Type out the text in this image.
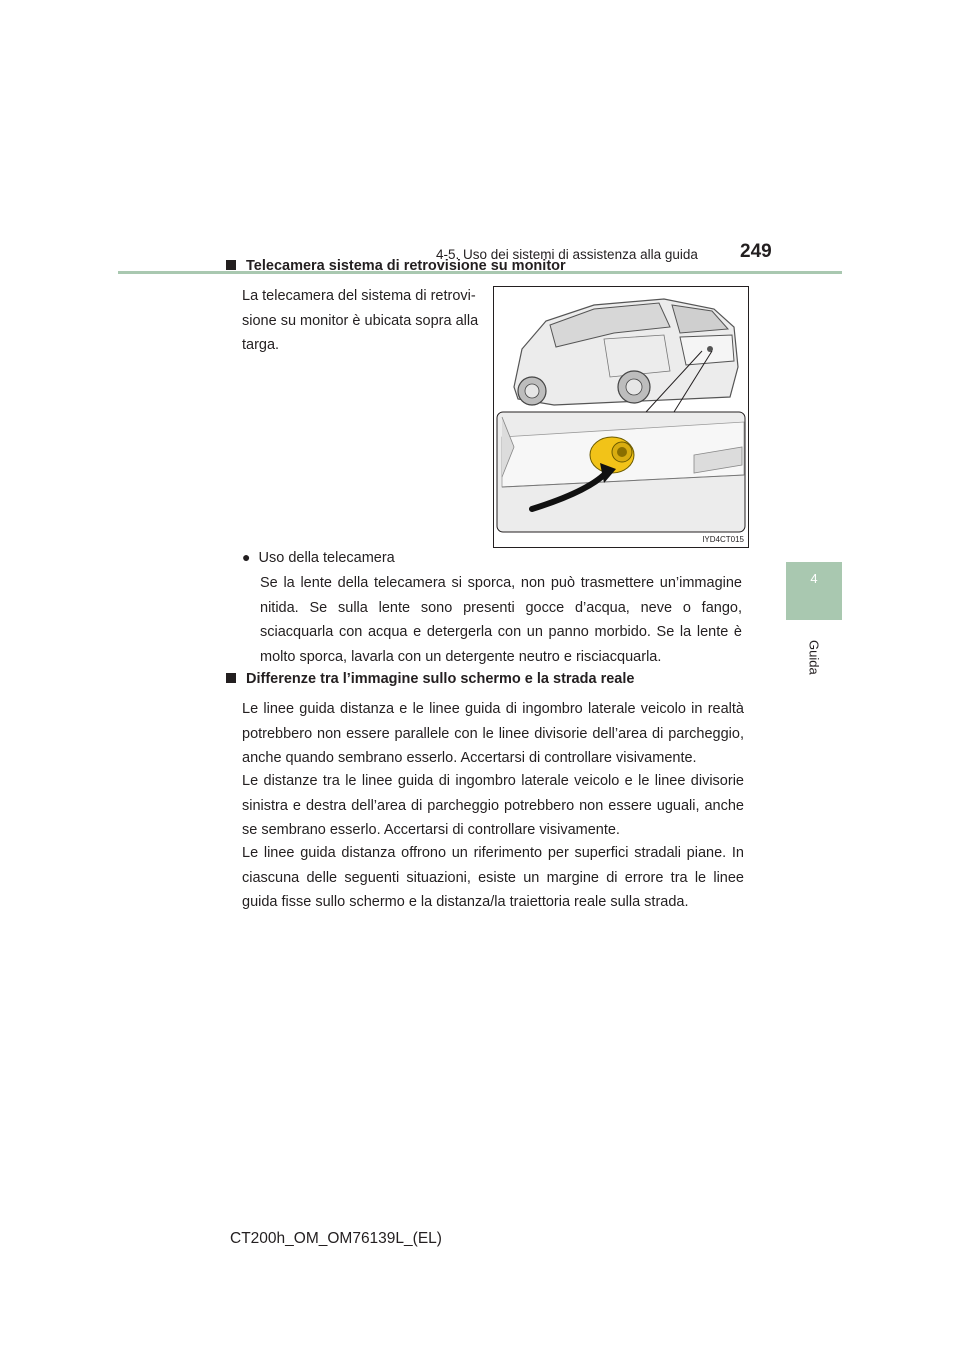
4-5. Uso dei sistemi di assistenza alla guida 249
4
Guida
Telecamera sistema di retrovisione su monitor
La telecamera del sistema di retrovi-
sione su monitor è ubicata sopra alla
targa.
IYD4CT015
● Uso della telecamera
Se la lente della telecamera si sporca, non può trasmettere un’immagine nitida. Se sulla lente sono presenti gocce d’acqua, neve o fango, sciacquarla con acqua e detergerla con un panno morbido. Se la lente è molto sporca, lavarla con un detergente neutro e risciacquarla.
Differenze tra l’immagine sullo schermo e la strada reale
Le linee guida distanza e le linee guida di ingombro laterale veicolo in realtà potrebbero non essere parallele con le linee divisorie dell’area di parcheggio, anche quando sembrano esserlo. Accertarsi di controllare visivamente.
Le distanze tra le linee guida di ingombro laterale veicolo e le linee divisorie sinistra e destra dell’area di parcheggio potrebbero non essere uguali, anche se sembrano esserlo. Accertarsi di controllare visivamente.
Le linee guida distanza offrono un riferimento per superfici stradali piane. In ciascuna delle seguenti situazioni, esiste un margine di errore tra le linee guida fisse sullo schermo e la distanza/la traiettoria reale sulla strada.
CT200h_OM_OM76139L_(EL)
